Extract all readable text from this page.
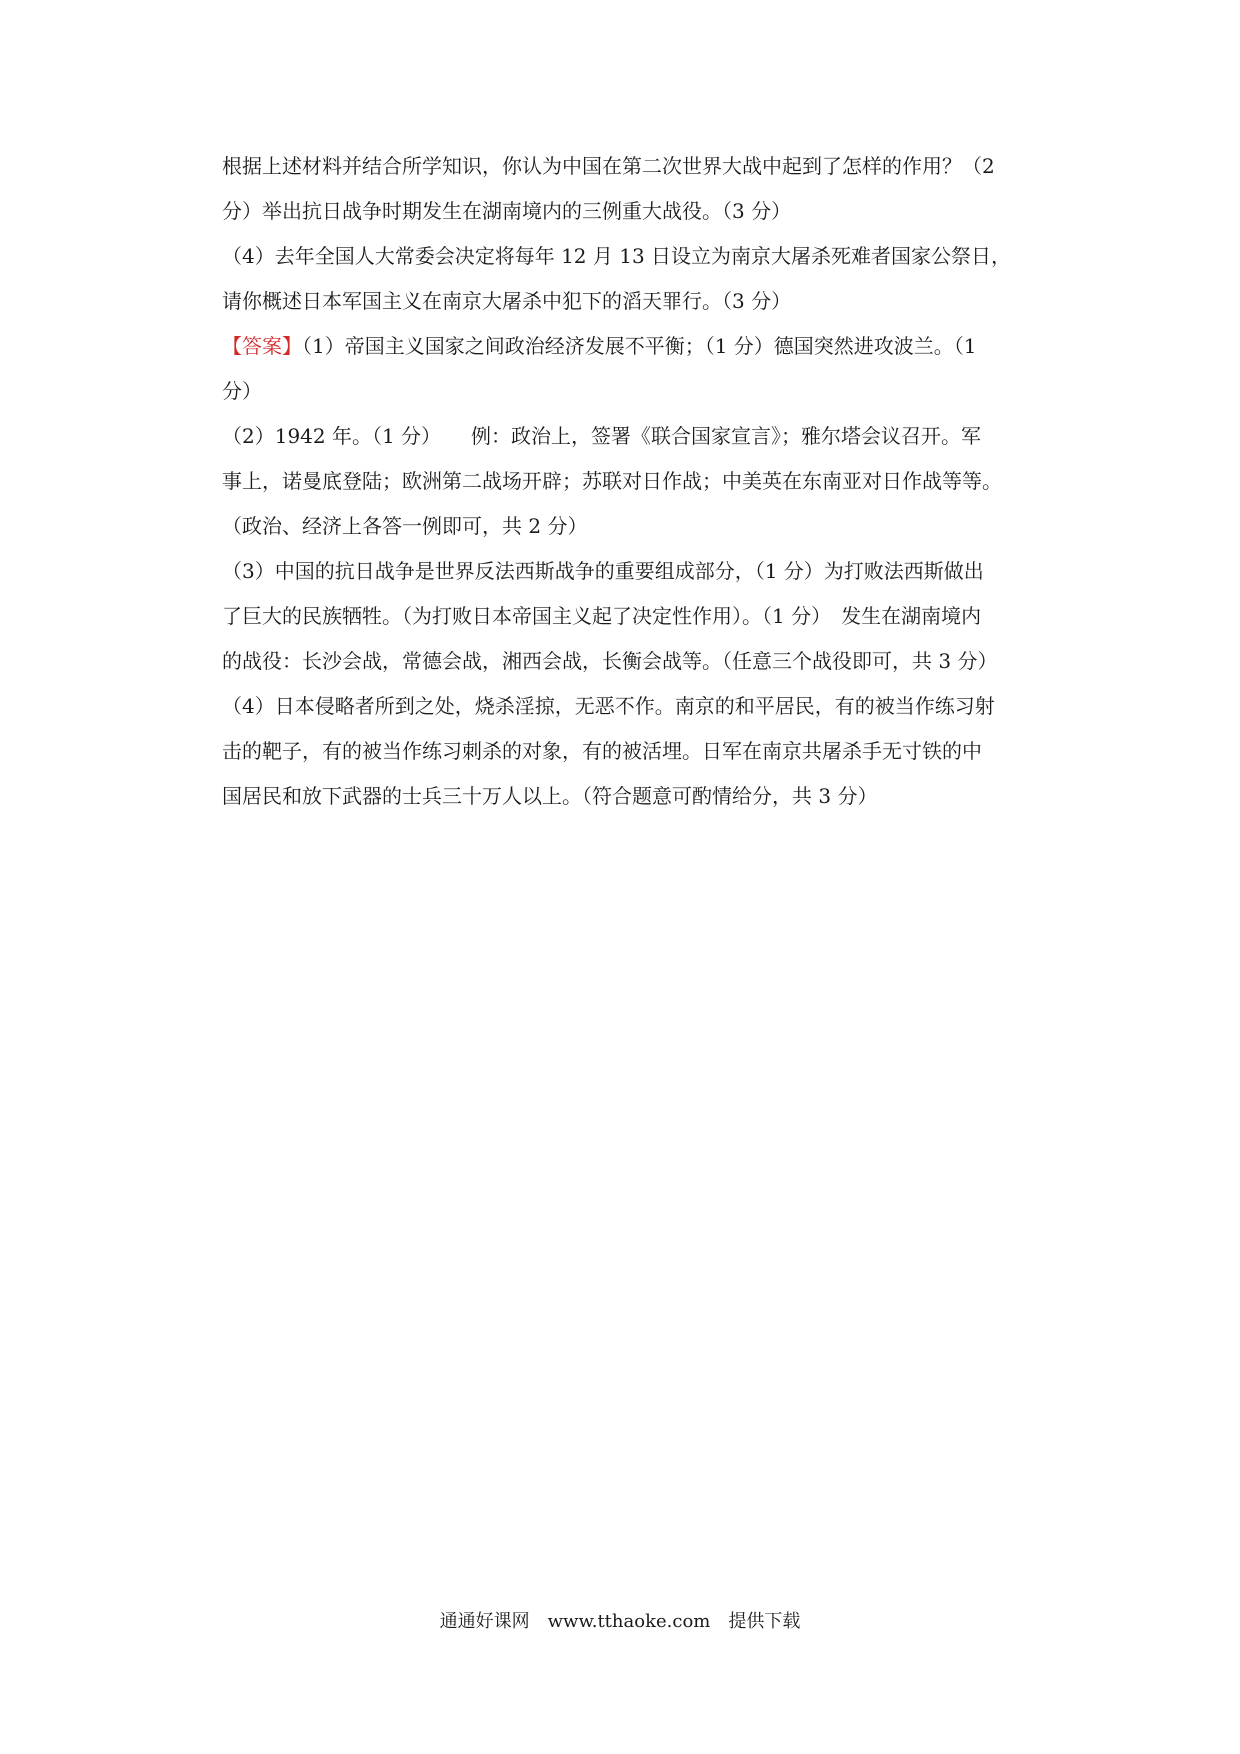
根据上述材料并结合所学知识，你认为中国在第二次世界大战中起到了怎样的作用？（2
分）举出抗日战争时期发生在湖南境内的三例重大战役。（3 分）
（4）去年全国人大常委会决定将每年 12 月 13 日设立为南京大屠杀死难者国家公祭日，
请你概述日本军国主义在南京大屠杀中犯下的滔天罪行。（3 分）
【答案】（1）帝国主义国家之间政治经济发展不平衡；（1 分）德国突然进攻波兰。（1
分）
（2）1942 年。（1 分）　　例：政治上，签署《联合国家宣言》；雅尔塔会议召开。军
事上，诺曼底登陆；欧洲第二战场开辟；苏联对日作战；中美英在东南亚对日作战等等。
（政治、经济上各答一例即可，共 2 分）
（3）中国的抗日战争是世界反法西斯战争的重要组成部分，（1 分）为打败法西斯做出
了巨大的民族牺牲。（为打败日本帝国主义起了决定性作用）。（1 分）　发生在湖南境内
的战役：长沙会战，常德会战，湘西会战，长衡会战等。（任意三个战役即可，共 3 分）
（4）日本侵略者所到之处，烧杀淫掠，无恶不作。南京的和平居民，有的被当作练习射
击的靶子，有的被当作练习刺杀的对象，有的被活埋。日军在南京共屠杀手无寸铁的中
国居民和放下武器的士兵三十万人以上。（符合题意可酌情给分，共 3 分）
通通好课网　www.tthaoke.com　提供下载
